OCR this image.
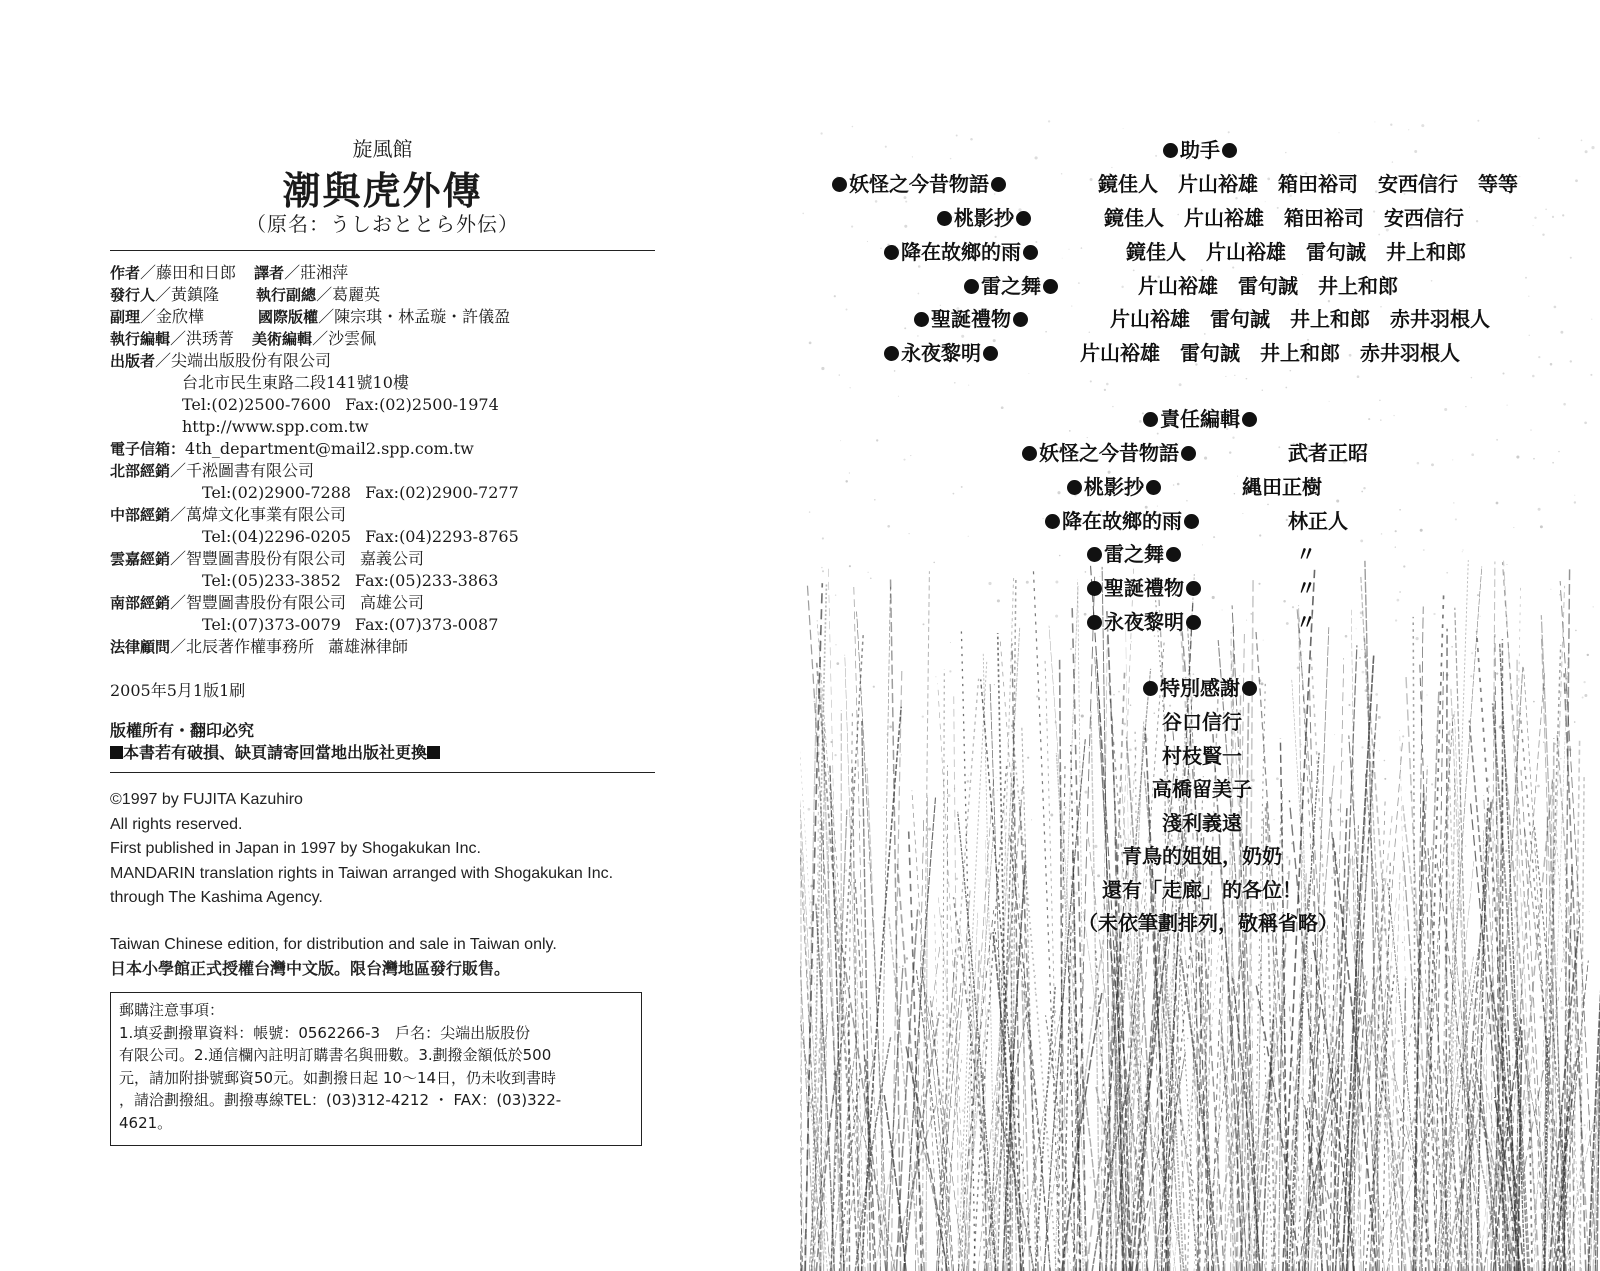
旋風館
潮與虎外傳
（原名：うしおととら外伝）
作者／藤田和日郎 譯者／莊湘萍
發行人／黃鎮隆 執行副總／葛麗英
副理／金欣樺	國際版權／陳宗琪・林孟璇・許儀盈
執行編輯／洪琇菁 美術編輯／沙雲佩
出版者／尖端出版股份有限公司
台北市民生東路二段141號10樓
Tel:(02)2500-7600 Fax:(02)2500-1974
http://www.spp.com.tw
電子信箱：4th_department@mail2.spp.com.tw
北部經銷／千淞圖書有限公司
Tel:(02)2900-7288 Fax:(02)2900-7277
中部經銷／萬煒文化事業有限公司
Tel:(04)2296-0205 Fax:(04)2293-8765
雲嘉經銷／智豐圖書股份有限公司 嘉義公司
Tel:(05)233-3852 Fax:(05)233-3863
南部經銷／智豐圖書股份有限公司 高雄公司
Tel:(07)373-0079 Fax:(07)373-0087
法律顧問／北辰著作權事務所 蕭雄淋律師
2005年5月1版1刷
版權所有・翻印必究
本書若有破損、缺頁請寄回當地出版社更換
©1997 by FUJITA Kazuhiro
All rights reserved.
First published in Japan in 1997 by Shogakukan Inc.
MANDARIN translation rights in Taiwan arranged with Shogakukan Inc.
through The Kashima Agency.
Taiwan Chinese edition, for distribution and sale in Taiwan only.
日本小學館正式授權台灣中文版。限台灣地區發行販售。
郵購注意事項：
1.填妥劃撥單資料：帳號：0562266-3　戶名：尖端出版股份
有限公司。2.通信欄內註明訂購書名與冊數。3.劃撥金額低於500
元，請加附掛號郵資50元。如劃撥日起 10～14日，仍未收到書時
，請洽劃撥組。劃撥專線TEL：(03)312-4212 ・ FAX：(03)322-
4621。
助手
妖怪之今昔物語	鏡佳人　片山裕雄　箱田裕司　安西信行　等等
桃影抄	鏡佳人　片山裕雄　箱田裕司　安西信行
降在故鄉的雨	鏡佳人　片山裕雄　雷句誠　井上和郎
雷之舞	片山裕雄　雷句誠　井上和郎
聖誕禮物	片山裕雄　雷句誠　井上和郎　赤井羽根人
永夜黎明	片山裕雄　雷句誠　井上和郎　赤井羽根人
責任編輯
妖怪之今昔物語	武者正昭
桃影抄	縄田正樹
降在故鄉的雨	林正人
雷之舞	〃
聖誕禮物	〃
永夜黎明	〃
特別感謝
谷口信行
村枝賢一
高橋留美子
淺利義遠
青鳥的姐姐，奶奶
還有「走廊」的各位！
（未依筆劃排列，敬稱省略）
